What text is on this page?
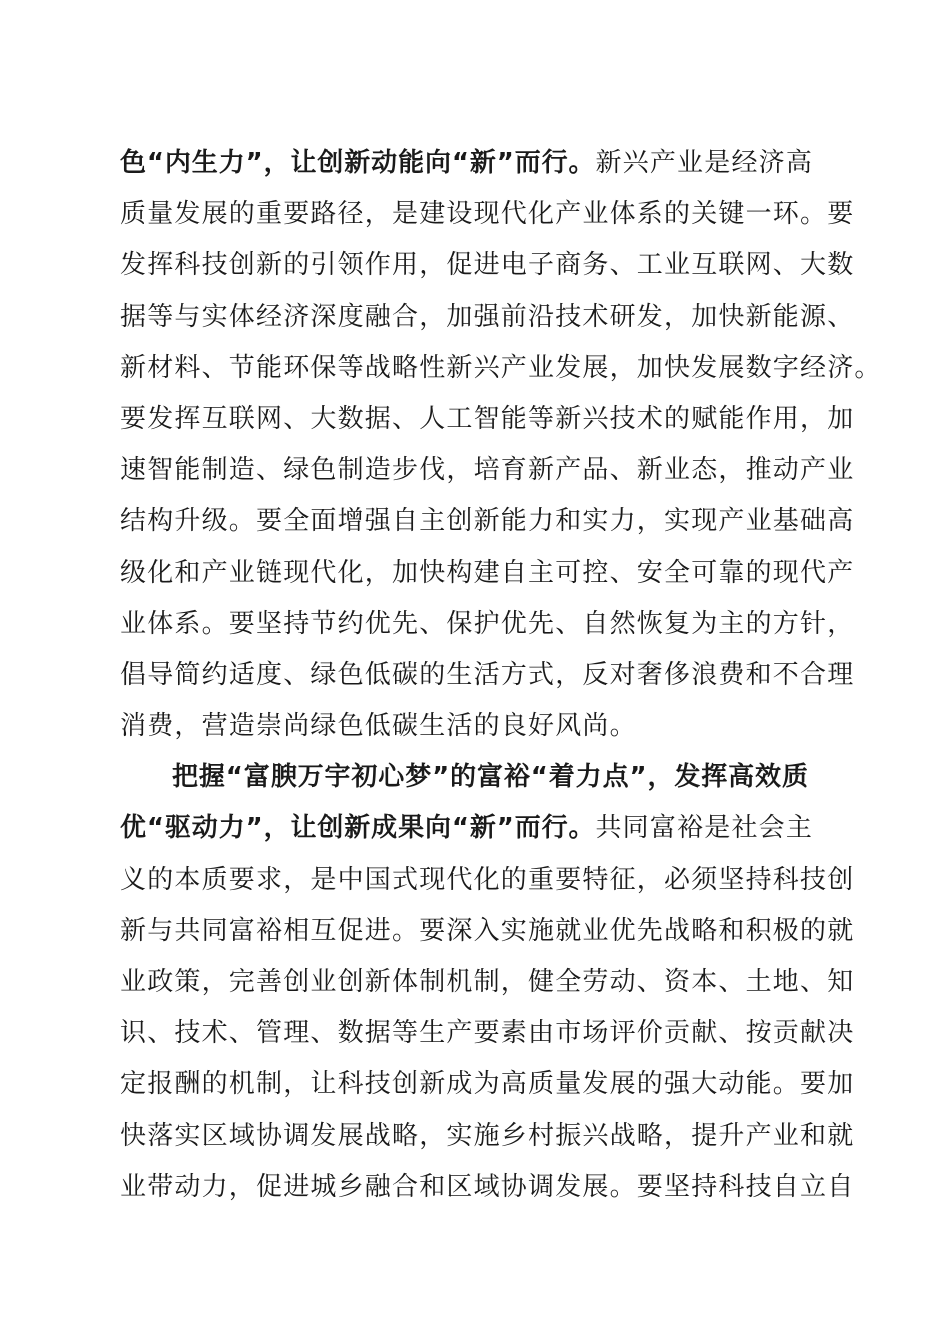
色“内生力”，让创新动能向“新”而行。新兴产业是经济高
质量发展的重要路径，是建设现代化产业体系的关键一环。要
发挥科技创新的引领作用，促进电子商务、工业互联网、大数
据等与实体经济深度融合，加强前沿技术研发，加快新能源、
新材料、节能环保等战略性新兴产业发展，加快发展数字经济。
要发挥互联网、大数据、人工智能等新兴技术的赋能作用，加
速智能制造、绿色制造步伐，培育新产品、新业态，推动产业
结构升级。要全面增强自主创新能力和实力，实现产业基础高
级化和产业链现代化，加快构建自主可控、安全可靠的现代产
业体系。要坚持节约优先、保护优先、自然恢复为主的方针，
倡导简约适度、绿色低碳的生活方式，反对奢侈浪费和不合理
消费，营造崇尚绿色低碳生活的良好风尚。
把握“富腴万宇初心梦”的富裕“着力点”，发挥高效质
优“驱动力”，让创新成果向“新”而行。共同富裕是社会主
义的本质要求，是中国式现代化的重要特征，必须坚持科技创
新与共同富裕相互促进。要深入实施就业优先战略和积极的就
业政策，完善创业创新体制机制，健全劳动、资本、土地、知
识、技术、管理、数据等生产要素由市场评价贡献、按贡献决
定报酬的机制，让科技创新成为高质量发展的强大动能。要加
快落实区域协调发展战略，实施乡村振兴战略，提升产业和就
业带动力，促进城乡融合和区域协调发展。要坚持科技自立自
